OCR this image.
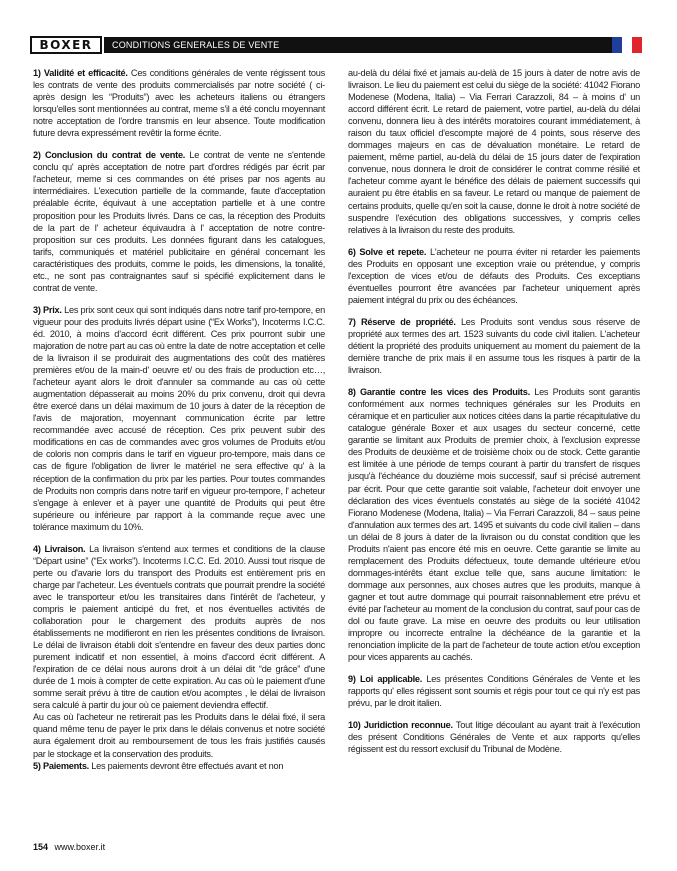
BOXER	CONDITIONS GENERALES DE VENTE

1) Validité et efficacité. Ces conditions générales de vente régissent tous les contrats de vente des produits commercialisés par notre société ( ci-après design les “Produits”) avec les acheteurs italiens ou étrangers lorsqu'elles sont mentionnées au contrat, meme s'il a été conclu moyennant notre acceptation de l'ordre transmis en leur absence. Toute modification future devra expressément revêtir la forme écrite.

2) Conclusion du contrat de vente. Le contrat de vente ne s'entende conclu qu' après acceptation de notre part d'ordres rédigés par écrit par l'acheteur, meme si ces commandes on été prises par nos agents au intermédiaires. L'execution partielle de la commande, faute d'acceptation préalable écrite, équivaut à une acceptation partielle et à une contre proposition pour les Produits livrés. Dans ce cas, la réception des Produits de la part de l' acheteur équivaudra à l' acceptation de notre contre-proposition sur ces produits. Les données figurant dans les catalogues, tarifs, communiqués et matériel publicitaire en général concernant les caractéristiques des produits, comme le poids, les dimensions, la tonalité, etc., ne sont pas contraignantes sauf si spécifié explicitement dans le contrat de vente.

3) Prix. Les prix sont ceux qui sont indiqués dans notre tarif pro-tempore, en vigueur pour des produits livrés départ usine (“Ex Works”), Incoterms I.C.C. éd. 2010, à moins d’accord écrit différent. Ces prix pourront subir une majoration de notre part au cas où entre la date de notre acceptation et celle de la livraison il se produirait des augmentations des coût des matières premières et/ou de la main-d' oeuvre et/ ou des frais de production etc…, l'acheteur ayant alors le droit d'annuler sa commande au cas où cette augmentation dépasserait au moins 20% du prix convenu, droit qui devra être exercé dans un délai maximum de 10 jours à dater de la réception de l'avis de majoration, moyennant communication écrite par lettre recommandée avec accusé de réception. Ces prix peuvent subir des modifications en cas de commandes avec gros volumes de Produits et/ou de coloris non compris dans le tarif en vigueur pro-tempore, mais dans ce cas de figure l'obligation de livrer le matériel ne sera effective qu' à la réception de la confirmation du prix par les parties. Pour toutes commandes de Produits non compris dans notre tarif en vigueur pro-tempore, l' acheteur s'engage à enlever et à payer une quantité de Produits qui peut être supérieure ou inférieure par rapport à la commande reçue avec une tolérance maximum du 10%.

4) Livraison. La livraison s'entend aux termes et conditions de la clause “Départ usine” (“Ex works”). Incoterms I.C.C. Ed. 2010. Aussi tout risque de perte ou d'avarie lors du transport des Produits est entièrement pris en charge par l'acheteur. Les éventuels contrats que pourrait prendre la société avec le transporteur et/ou les transitaires dans l'intérêt de l'acheteur, y compris le paiement anticipé du fret, et nos éventuelles activités de collaboration pour le chargement des produits auprès de nos établissements ne modifieront en rien les présentes conditions de livraison. Le délai de livraison établi doit s'entendre en faveur des deux parties donc purement indicatif et non essentiel, à moins d'accord écrit différent. A l'expiration de ce délai nous aurons droit à un délai dit “de grâce” d'une durée de 1 mois à compter de cette expiration. Au cas où le paiement d'une somme serait prévu à titre de caution et/ou acomptes , le délai de livraison sera calculé à partir du jour où ce paiement deviendra effectif.
Au cas où l'acheteur ne retirerait pas les Produits dans le délai fixé, il sera quand même tenu de payer le prix dans le délais convenus et notre société aura également droit au remboursement de tous les frais justifiés causés par le stockage et la conservation des produits.

5) Paiements. Les paiements devront être effectués avant et non

au-delà du délai fixé et jamais au-delà de 15 jours à dater de notre avis de livraison. Le lieu du paiement est celui du siège de la société: 41042 Fiorano Modenese (Modena, Italia) – Via Ferrari Carazzoli, 84 – à moins d' un accord différent écrit. Le retard de paiement, votre partiel, au-delà du délai convenu, donnera lieu à des intérêts moratoires courant immédiatement, à raison du taux officiel d'escompte majoré de 4 points, sous réserve des dommages majeurs en cas de dévaluation monétaire. Le retard de paiement, même partiel, au-delà du délai de 15 jours dater de l'expiration convenue, nous donnera le droit de considérer le contrat comme résilié et l'acheteur comme ayant le bénéfice des délais de paiement successifs qui auraient pu être établis en sa faveur. Le retard ou manque de paiement de certains produits, quelle qu'en soit la cause, donne le droit à notre société de suspendre l'exécution des obligations successives, y compris celles relatives à la livraison du reste des produits.

6) Solve et repete. L'acheteur ne pourra éviter ni retarder les paiements des Produits en opposant une exception vraie ou prétendue, y compris l'exception de vices et/ou de défauts des Produits. Ces exceptians éventuelles pourront être avancées par l'acheteur uniquement après paiement intégral du prix ou des échéances.

7) Réserve de propriété. Les Produits sont vendus sous réserve de propriété aux termes des art. 1523 suivants du code civil italien. L'acheteur détient la propriété des produits uniquement au moment du paiement de la dernière tranche de prix mais il en assume tous les risques à partir de la livraison.

8) Garantie contre les vices des Produits. Les Produits sont garantis conformément aux normes techniques générales sur les Produits en céramique et en particulier aux notices citées dans la partie récapitulative du catalogue générale Boxer et aux usages du secteur concerné, cette garantie se limitant aux Produits de premier choix, à l'exclusion expresse des Produits de deuxième et de troisième choix ou de stock. Cette garantie est limitée à une période de temps courant à partir du transfert de risques jusqu'à l'échéance du douzième mois successif, sauf si précisé autrement par écrit. Pour que cette garantie soit valable, l'acheteur doit envoyer une déclaration des vices éventuels constatés au siège de la société 41042 Fiorano Modenese (Modena, Italia) – Via Ferrari Carazzoli, 84 – saus peine d'annulation aux termes des art. 1495 et suivants du code civil italien – dans un délai de 8 jours à dater de la livraison ou du constat condition que les Produits n'aient pas encore été mis en oeuvre. Cette garantie se limite au remplacement des Produits défectueux, toute demande ultérieure et/ou dommages-intérêts étant exclue telle que, sans aucune limitation: le dommage aux personnes, aux choses autres que les produits, manque à gagner et tout autre dommage qui pourrait raisonnablement etre prévu et évité par l'acheteur au moment de la conclusion du contrat, sauf pour cas de dol ou faute grave. La mise en oeuvre des produits ou leur utilisation impropre ou incorrecte entraîne la déchéance de la garantie et la renonciation implicite de la part de l'acheteur de toute action et/ou exception pour vices apparents au cachés.

9) Loi applicable. Les présentes Conditions Générales de Vente et les rapports qu' elles régissent sont soumis et régis pour tout ce qui n'y est pas prévu, par le droit italien.

10) Juridiction reconnue. Tout litige découlant au ayant trait à l'exécution des présent Conditions Générales de Vente et aux rapports qu'elles régissent est du ressort exclusif du Tribunal de Modène.

154 www.boxer.it
